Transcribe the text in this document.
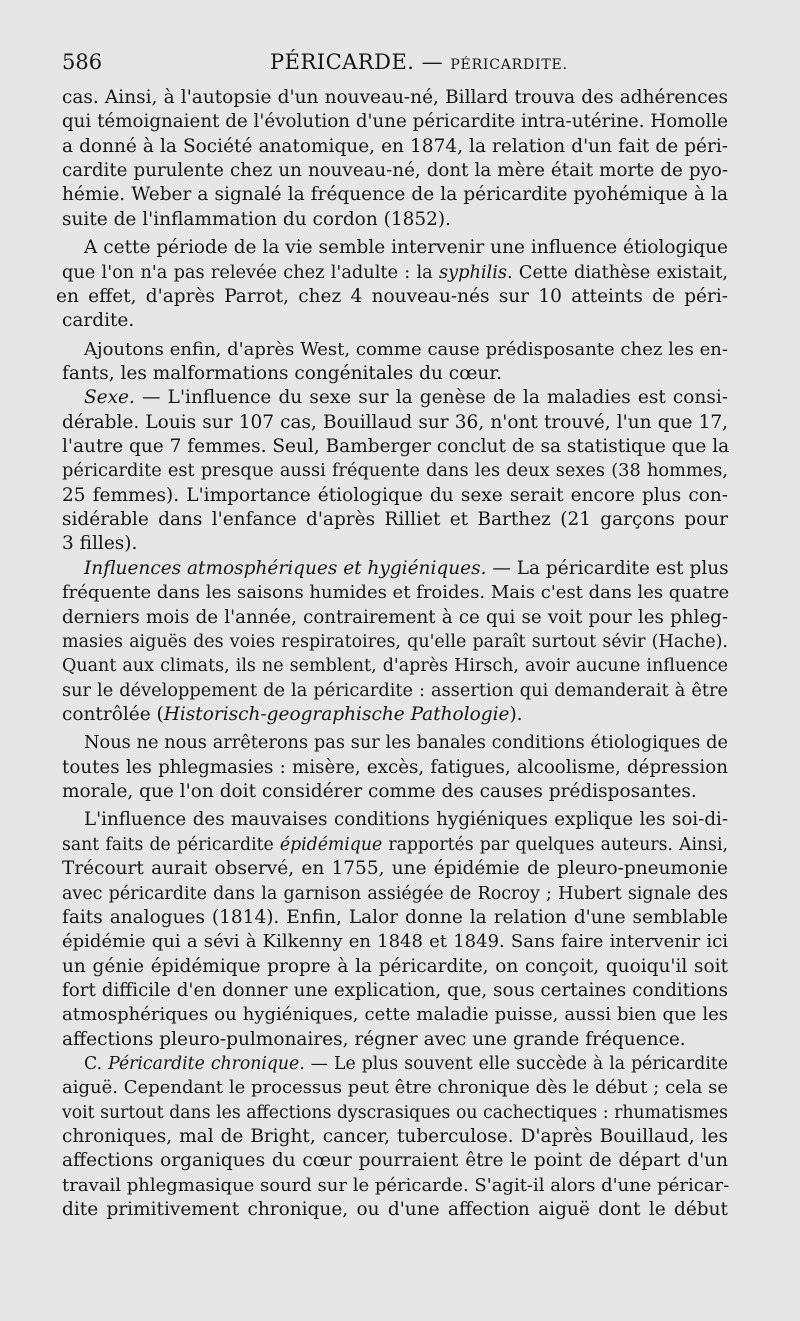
586	PÉRICARDE. — PÉRICARDITE.
cas. Ainsi, à l'autopsie d'un nouveau-né, Billard trouva des adhérences
qui témoignaient de l'évolution d'une péricardite intra-utérine. Homolle
a donné à la Société anatomique, en 1874, la relation d'un fait de péri-
cardite purulente chez un nouveau-né, dont la mère était morte de pyo-
hémie. Weber a signalé la fréquence de la péricardite pyohémique à la
suite de l'inflammation du cordon (1852).
A cette période de la vie semble intervenir une influence étiologique
que l'on n'a pas relevée chez l'adulte : la syphilis. Cette diathèse existait,
en effet, d'après Parrot, chez 4 nouveau-nés sur 10 atteints de péri-
cardite.
Ajoutons enfin, d'après West, comme cause prédisposante chez les en-
fants, les malformations congénitales du cœur.
Sexe. — L'influence du sexe sur la genèse de la maladies est consi-
dérable. Louis sur 107 cas, Bouillaud sur 36, n'ont trouvé, l'un que 17,
l'autre que 7 femmes. Seul, Bamberger conclut de sa statistique que la
péricardite est presque aussi fréquente dans les deux sexes (38 hommes,
25 femmes). L'importance étiologique du sexe serait encore plus con-
sidérable dans l'enfance d'après Rilliet et Barthez (21 garçons pour
3 filles).
Influences atmosphériques et hygiéniques. — La péricardite est plus
fréquente dans les saisons humides et froides. Mais c'est dans les quatre
derniers mois de l'année, contrairement à ce qui se voit pour les phleg-
masies aiguës des voies respiratoires, qu'elle paraît surtout sévir (Hache).
Quant aux climats, ils ne semblent, d'après Hirsch, avoir aucune influence
sur le développement de la péricardite : assertion qui demanderait à être
contrôlée (Historisch-geographische Pathologie).
Nous ne nous arrêterons pas sur les banales conditions étiologiques de
toutes les phlegmasies : misère, excès, fatigues, alcoolisme, dépression
morale, que l'on doit considérer comme des causes prédisposantes.
L'influence des mauvaises conditions hygiéniques explique les soi-di-
sant faits de péricardite épidémique rapportés par quelques auteurs. Ainsi,
Trécourt aurait observé, en 1755, une épidémie de pleuro-pneumonie
avec péricardite dans la garnison assiégée de Rocroy ; Hubert signale des
faits analogues (1814). Enfin, Lalor donne la relation d'une semblable
épidémie qui a sévi à Kilkenny en 1848 et 1849. Sans faire intervenir ici
un génie épidémique propre à la péricardite, on conçoit, quoiqu'il soit
fort difficile d'en donner une explication, que, sous certaines conditions
atmosphériques ou hygiéniques, cette maladie puisse, aussi bien que les
affections pleuro-pulmonaires, régner avec une grande fréquence.
C. Péricardite chronique. — Le plus souvent elle succède à la péricardite
aiguë. Cependant le processus peut être chronique dès le début ; cela se
voit surtout dans les affections dyscrasiques ou cachectiques : rhumatismes
chroniques, mal de Bright, cancer, tuberculose. D'après Bouillaud, les
affections organiques du cœur pourraient être le point de départ d'un
travail phlegmasique sourd sur le péricarde. S'agit-il alors d'une péricar-
dite primitivement chronique, ou d'une affection aiguë dont le début
